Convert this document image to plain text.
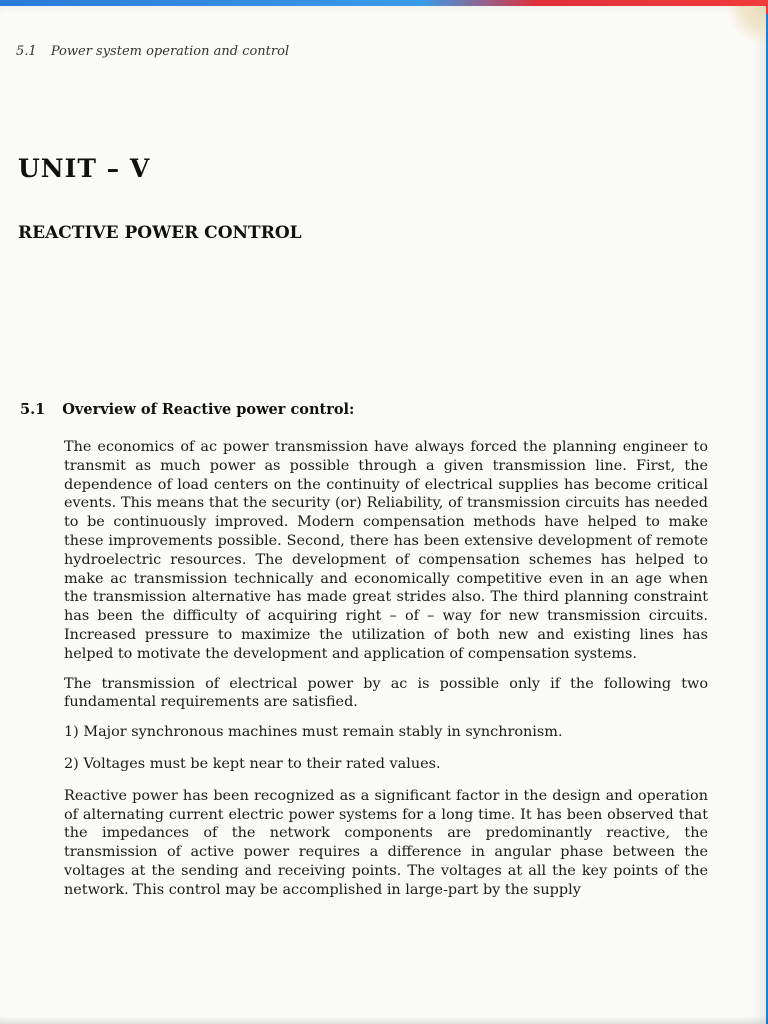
5.1 Power system operation and control
UNIT – V
REACTIVE POWER CONTROL
5.1 Overview of Reactive power control:

The economics of ac power transmission have always forced the planning engineer to transmit as much power as possible through a given transmission line. First, the dependence of load centers on the continuity of electrical supplies has become critical events. This means that the security (or) Reliability, of transmission circuits has needed to be continuously improved. Modern compensation methods have helped to make these improvements possible. Second, there has been extensive development of remote hydroelectric resources. The development of compensation schemes has helped to make ac transmission technically and economically competitive even in an age when the transmission alternative has made great strides also. The third planning constraint has been the difficulty of acquiring right – of – way for new transmission circuits. Increased pressure to maximize the utilization of both new and existing lines has helped to motivate the development and application of compensation systems.

The transmission of electrical power by ac is possible only if the following two fundamental requirements are satisfied.

1) Major synchronous machines must remain stably in synchronism.

2) Voltages must be kept near to their rated values.

Reactive power has been recognized as a significant factor in the design and operation of alternating current electric power systems for a long time. It has been observed that the impedances of the network components are predominantly reactive, the transmission of active power requires a difference in angular phase between the voltages at the sending and receiving points. The voltages at all the key points of the network. This control may be accomplished in large-part by the supply
